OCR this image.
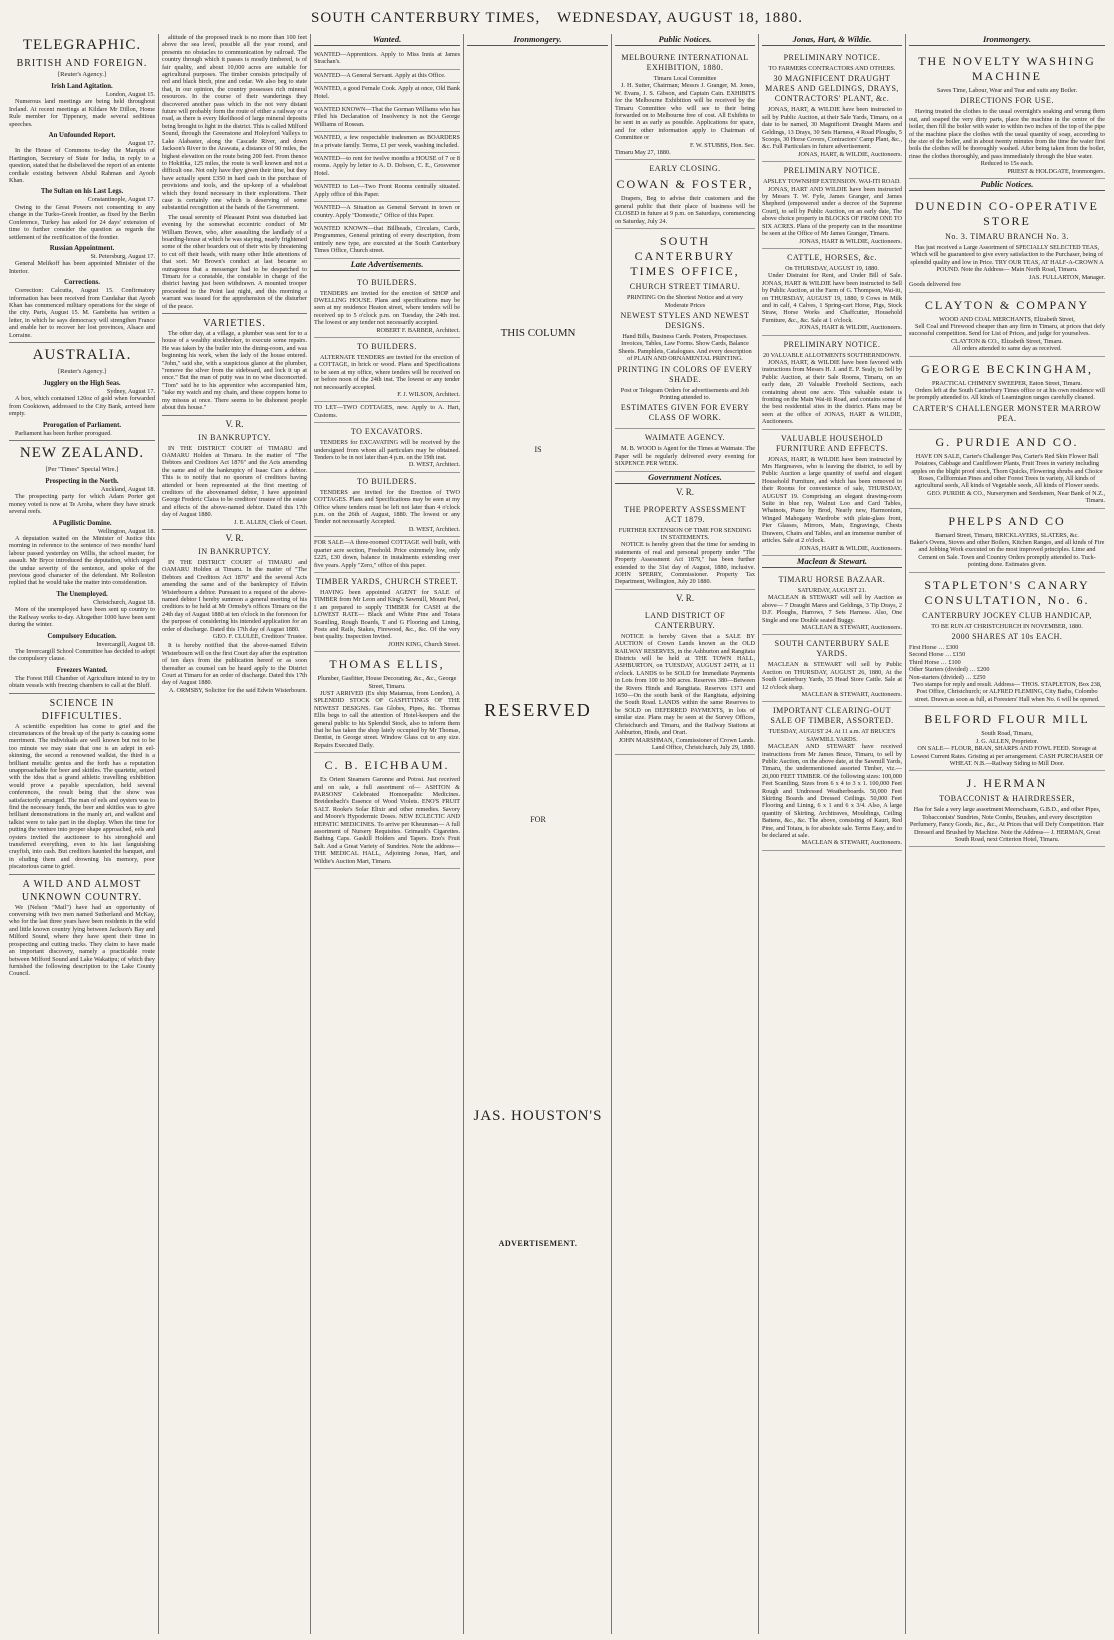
SOUTH CANTERBURY TIMES, WEDNESDAY, AUGUST 18, 1880.
TELEGRAPHIC.
BRITISH AND FOREIGN.
[Reuter's Agency.]
Irish Land Agitation.
London, August 15.
Numerous land meetings are being held throughout Ireland. At recent meetings at Kildare Mr Dillon, Home Rule member for Tipperary, made several seditious speeches.
An Unfounded Report.
August 17.
In the House of Commons to-day the Marquis of Hartington, Secretary of State for India, in reply to a question, stated that he disbelieved the report of an entente cordiale existing between Abdul Rahman and Ayoob Khan.
The Sultan on his Last Legs.
Constantinople, August 17.
Owing to the Great Powers not consenting to any change in the Turko-Greek frontier, as fixed by the Berlin Conference, Turkey has asked for 24 days' extension of time to further consider the question as regards the settlement of the rectification of the frontier.
Russian Appointment.
St. Petersburg, August 17.
General Melikoff has been appointed Minister of the Interior.
Corrections.
Correction: Calcutta, August 15. Confirmatory information has been received from Candahar that Ayoob Khan has commenced military operations for the siege of the city. Paris, August 15. M. Gambetta has written a letter, in which he says democracy will strengthen France and enable her to recover her lost provinces, Alsace and Lorraine.
AUSTRALIA.
[Reuter's Agency.]
Jugglery on the High Seas.
Sydney, August 17.
A box, which contained 120oz of gold when forwarded from Cooktown, addressed to the City Bank, arrived here empty.
Prorogation of Parliament.
Parliament has been further prorogued.
NEW ZEALAND.
[Per "Times" Special Wire.]
Prospecting in the North.
Auckland, August 18.
The prospecting party for which Adam Porter got money voted is now at Te Aroha, where they have struck several reefs.
A Pugilistic Domine.
Wellington, August 18.
A deputation waited on the Minister of Justice this morning in reference to the sentence of two months' hard labour passed yesterday on Willis, the school master, for assault. Mr Bryce introduced the deputation, which urged the undue severity of the sentence, and spoke of the previous good character of the defendant. Mr Rolleston replied that he would take the matter into consideration.
The Unemployed.
Christchurch, August 18.
More of the unemployed have been sent up country to the Railway works to-day. Altogether 1000 have been sent during the winter.
Compulsory Education.
Invercargill, August 18.
The Invercargill School Committee has decided to adopt the compulsory clause.
Freezers Wanted.
The Forest Hill Chamber of Agriculture intend to try to obtain vessels with freezing chambers to call at the Bluff.
SCIENCE IN DIFFICULTIES.
A scientific expedition has come to grief and the circumstances of the break up of the party is causing some merriment. The individuals are well known but not to be too minute we may state that one is an adept in eel-skinning, the second a renowned walkist, the third is a brilliant metallic genius and the forth has a reputation unapproachable for beer and skittles. The quartette, seized with the idea that a grand athletic travelling exhibition would prove a payable speculation, held several conferences, the result being that the show was satisfactorily arranged. The man of eels and oysters was to find the necessary funds, the beer and skittles was to give brilliant demonstrations in the manly art, and walkist and talkist were to take part in the display. When the time for putting the venture into proper shape approached, eels and oysters invited the auctioneer to his stronghold and transferred everything, even to his last languishing crayfish, into cash. But creditors haunted the banquet, and in eluding them and drowning his memory, poor piscatorious came to grief.
A WILD AND ALMOST UNKNOWN COUNTRY.
We (Nelson "Mail") have had an opportunity of conversing with two men named Sutherland and McKay, who for the last three years have been residents in the wild and little known country lying between Jackson's Bay and Milford Sound, where they have spent their time in prospecting and cutting tracks. They claim to have made an important discovery, namely a practicable route between Milford Sound and Lake Wakatipu; of which they furnished the following description to the Lake County Council.
altitude of the proposed track is no more than 100 feet above the sea level, possible all the year round, and presents no obstacles to communication by railroad. The country through which it passes is mostly timbered, is of fair quality, and about 10,000 acres are suitable for agricultural purposes. The timber consists principally of red and black birch, pine and cedar. We also beg to state that, in our opinion, the country possesses rich mineral resources. In the course of their wanderings they discovered another pass which in the not very distant future will probably form the route of either a railway or a road, as there is every likelihood of large mineral deposits being brought to light in the district. This is called Milford Sound, through the Greenstone and Holeyford Valleys to Lake Alabaster, along the Cascade River, and down Jackson's River to the Arawata, a distance of 90 miles, the highest elevation on the route being 200 feet. From thence to Hokitika, 125 miles, the route is well known and not a difficult one. Not only have they given their time, but they have actually spent £350 in hard cash in the purchase of provisions and tools, and the up-keep of a whaleboat which they found necessary in their explorations. Their case is certainly one which is deserving of some substantial recognition at the hands of the Government.
The usual serenity of Pleasant Point was disturbed last evening by the somewhat eccentric conduct of Mr William Brown, who, after assaulting the landlady of a boarding-house at which he was staying, nearly frightened some of the other boarders out of their wits by threatening to cut off their heads, with many other little attentions of that sort. Mr Brown's conduct at last became so outrageous that a messenger had to be despatched to Timaru for a constable, the constable in charge of the district having just been withdrawn. A mounted trooper proceeded to the Point last night, and this morning a warrant was issued for the apprehension of the disturber of the peace.
VARIETIES.
The other day, at a village, a plumber was sent for to a house of a wealthy stockbroker, to execute some repairs. He was taken by the butler into the dining-room, and was beginning his work, when the lady of the house entered. "John," said she, with a suspicious glance at the plumber, "remove the silver from the sideboard, and lock it up at once." But the man of putty was in no wise disconcerted. "Tom" said he to his apprentice who accompanied him, "take my watch and my chain, and these coppers home to my missus at once. There seems to be dishonest people about this house."
V. R.
IN BANKRUPTCY.
IN THE DISTRICT COURT of TIMARU and OAMARU Holden at Timaru. In the matter of "The Debtors and Creditors Act 1876" and the Acts amending the same and of the bankruptcy of Isaac Cars a debtor. This is to notify that no quorum of creditors having attended or been represented at the first meeting of creditors of the abovenamed debtor, I have appointed George Frederic Claiss to be creditors' trustee of the estate and effects of the above-named debtor. Dated this 17th day of August 1880.
J. E. ALLEN, Clerk of Court.
V. R.
IN BANKRUPTCY.
IN THE DISTRICT COURT of TIMARU and OAMARU Holden at Timaru. In the matter of "The Debtors and Creditors Act 1876" and the several Acts amending the same and of the bankruptcy of Edwin Wisterbourn a debtor. Pursuant to a request of the above-named debtor I hereby summon a general meeting of his creditors to be held at Mr Ormsby's offices Timaru on the 24th day of August 1880 at ten o'clock in the forenoon for the purpose of considering his intended application for an order of discharge. Dated this 17th day of August 1880.
GEO. F. CLULEE, Creditors' Trustee.
It is hereby notified that the above-named Edwin Wisterbourn will on the first Court day after the expiration of ten days from the publication hereof or as soon thereafter as counsel can be heard apply to the District Court at Timaru for an order of discharge. Dated this 17th day of August 1880.
A. ORMSBY, Solicitor for the said Edwin Wisterbourn.
Wanted.
WANTED—Apprentices. Apply to Miss Innis at James Strachan's.
WANTED—A General Servant. Apply at this Office.
WANTED, a good Female Cook. Apply at once, Old Bank Hotel.
WANTED KNOWN—That the Gorman Williams who has Filed his Declaration of Insolvency is not the George Williams of Rosean.
WANTED, a few respectable tradesmen as BOARDERS in a private family. Terms, £1 per week, washing included.
WANTED—to rent for twelve months a HOUSE of 7 or 8 rooms. Apply by letter to A. D. Dobson, C. E., Grosvenor Hotel.
WANTED to Let—Two Front Rooms centrally situated. Apply office of this Paper.
WANTED—A Situation as General Servant in town or country. Apply "Domestic," Office of this Paper.
WANTED KNOWN—that Billheads, Circulars, Cards, Programmes, General printing of every description, from entirely new type, are executed at the South Canterbury Times Office, Church street.
Late Advertisements.
TO BUILDERS.
TENDERS are invited for the erection of SHOP and DWELLING HOUSE. Plans and specifications may be seen at my residence Heaton street, where tenders will be received up to 5 o'clock p.m. on Tuesday, the 24th inst. The lowest or any tender not necessarily accepted.
ROBERT F. BARBER, Architect.
TO BUILDERS.
ALTERNATE TENDERS are invited for the erection of a COTTAGE, in brick or wood. Plans and Specifications to be seen at my office, where tenders will be received on or before noon of the 24th inst. The lowest or any tender not necessarily accepted.
F. J. WILSON, Architect.
TO LET—TWO COTTAGES, new. Apply to A. Hart, Customs.
TO EXCAVATORS.
TENDERS for EXCAVATING will be received by the undersigned from whom all particulars may be obtained. Tenders to be in not later than 4 p.m. on the 19th inst.
D. WEST, Architect.
TO BUILDERS.
TENDERS are invited for the Erection of TWO COTTAGES. Plans and Specifications may be seen at my Office where tenders must be left not later than 4 o'clock p.m. on the 26th of August, 1880. The lowest or any Tender not necessarily Accepted.
D. WEST, Architect.
FOR SALE—A three-roomed COTTAGE well built, with quarter acre section, Freehold. Price extremely low, only £225, £30 down, balance in instalments extending over five years. Apply "Zero," office of this paper.
TIMBER YARDS, CHURCH STREET.
HAVING been appointed AGENT for SALE of TIMBER from Mr Leon and King's Sawmill, Mount Peel, I am prepared to supply TIMBER for CASH at the LOWEST RATE— Black and White Pine and Totara Scantling, Rough Boards, T and G Flooring and Lining, Posts and Rails, Stakes, Firewood, &c., &c. Of the very best quality. Inspection Invited.
JOHN KING, Church Street.
THOMAS ELLIS,
Plumber, Gasfitter, House Decorating, &c., &c., George Street, Timaru.
JUST ARRIVED (Ex ship Matamua, from London), A SPLENDID STOCK OF GASFITTINGS OF THE NEWEST DESIGNS. Gas Globes, Pipes, &c. Thomas Ellis begs to call the attention of Hotel-keepers and the general public to his Splendid Stock, also to inform them that he has taken the shop lately occupied by Mr Thomas, Dentist, in George street. Window Glass cut to any size. Repairs Executed Daily.
C. B. EICHBAUM.
Ex Orient Steamers Garonne and Potosi. Just received and on sale, a full assortment of— ASHTON & PARSONS' Celebrated Homoepathic Medicines. Breidenbach's Essence of Wood Violets. ENO'S FRUIT SALT. Rooke's Solar Elixir and other remedies. Savory and Moore's Hypodermic Doses. NEW ECLECTIC AND HEPATIC MEDICINES. To arrive per Kheumnan— A full assortment of Nursery Requisites. Grimault's Cigarettes. Bathing Caps. Gaskill Holders and Tapers. Eno's Fruit Salt. And a Great Variety of Sundries. Note the address— THE MEDICAL HALL, Adjoining Jonas, Hart, and Wildie's Auction Mart, Timaru.
Ironmongery.
THIS COLUMN
IS
RESERVED
FOR
JAS. HOUSTON'S
ADVERTISEMENT.
Public Notices.
MELBOURNE INTERNATIONAL EXHIBITION, 1880.
Timaru Local Committee
J. H. Sutter, Chairman; Messrs J. Granger, M. Jones, W. Evans, J. S. Gibson, and Captain Cain. EXHIBITS for the Melbourne Exhibition will be received by the Timaru Committee who will see to their being forwarded on to Melbourne free of cost. All Exhibits to be sent in as early as possible. Applications for space, and for other information apply to Chairman of Committee or
F. W. STUBBS, Hon. Sec.
Timaru May 27, 1880.
EARLY CLOSING.
COWAN & FOSTER,
Drapers, Beg to advise their customers and the general public that their place of business will be CLOSED in future at 9 p.m. on Saturdays, commencing on Saturday, July 24.
SOUTH CANTERBURY TIMES OFFICE,
CHURCH STREET TIMARU.
PRINTING On the Shortest Notice and at very Moderate Prices
NEWEST STYLES AND NEWEST DESIGNS.
Hand Bills, Business Cards. Posters, Prospectuses. Invoices, Tables, Law Forms. Show Cards, Balance Sheets. Pamphlets, Catalogues. And every description of PLAIN AND ORNAMENTAL PRINTING.
PRINTING IN COLORS OF EVERY SHADE.
Post or Telegram Orders for advertisements and Job Printing attended to.
ESTIMATES GIVEN FOR EVERY CLASS OF WORK.
WAIMATE AGENCY.
M. B. WOOD is Agent for the Times at Waimate. The Paper will be regularly delivered every evening for SIXPENCE PER WEEK.
Government Notices.
V. R.
THE PROPERTY ASSESSMENT ACT 1879.
FURTHER EXTENSION OF TIME FOR SENDING IN STATEMENTS.
NOTICE is hereby given that the time for sending in statements of real and personal property under "The Property Assessment Act 1879," has been further extended to the 31st day of August, 1880, inclusive. JOHN SPERRY, Commissioner. Property Tax Department, Wellington, July 20 1880.
V. R.
LAND DISTRICT OF CANTERBURY.
NOTICE is hereby Given that a SALE BY AUCTION of Crown Lands known as the OLD RAILWAY RESERVES, in the Ashburton and Rangitata Districts will be held at THE TOWN HALL, ASHBURTON, on TUESDAY, AUGUST 24TH, at 11 o'clock. LANDS to be SOLD for Immediate Payments in Lots from 100 to 300 acres. Reserves 380—Between the Rivers Hinds and Rangitata. Reserves 1371 and 1650—On the south bank of the Rangitata, adjoining the South Road. LANDS within the same Reserves to be SOLD on DEFERRED PAYMENTS, in lots of similar size. Plans may be seen at the Survey Offices, Christchurch and Timaru, and the Railway Stations at Ashburton, Hinds, and Orari.
JOHN MARSHMAN, Commissioner of Crown Lands. Land Office, Christchurch, July 29, 1880.
Jonas, Hart, & Wildie.
PRELIMINARY NOTICE.
TO FARMERS CONTRACTORS AND OTHERS.
30 MAGNIFICENT DRAUGHT MARES AND GELDINGS, DRAYS, CONTRACTORS' PLANT, &c.
JONAS, HART, & WILDIE have been instructed to sell by Public Auction, at their Sale Yards, Timaru, on a date to be named, 30 Magnificent Draught Mares and Geldings, 13 Drays, 30 Sets Harness, 4 Road Ploughs, 5 Scoops, 30 Horse Covers, Contractors' Camp Plant, &c., &c. Full Particulars in future advertisement.
JONAS, HART, & WILDIE, Auctioneers.
PRELIMINARY NOTICE.
APSLEY TOWNSHIP EXTENSION. WAI-ITI ROAD.
JONAS, HART AND WILDIE have been instructed by Messrs T. W. Fyfe, James Granger, and James Shepherd (empowered under a decree of the Supreme Court), to sell by Public Auction, on an early date, The above choice property in BLOCKS OF FROM ONE TO SIX ACRES. Plans of the property can in the meantime be seen at the Office of Mr James Granger, Timaru.
JONAS, HART & WILDIE, Auctioneers.
CATTLE, HORSES, &c.
On THURSDAY, AUGUST 19, 1880.
Under Distraint for Rent, and Under Bill of Sale. JONAS, HART & WILDIE have been instructed to Sell by Public Auction, at the Farm of G. Thompson, Wai-iti, on THURSDAY, AUGUST 19, 1880, 9 Cows in Milk and in calf, 4 Calves, 1 Spring-cart Horse, Pigs, Stock Straw, Horse Works and Chaffcutter, Household Furniture, &c., &c. Sale at 1 o'clock.
JONAS, HART & WILDIE, Auctioneers.
PRELIMINARY NOTICE.
20 VALUABLE ALLOTMENTS SOUTHERNDOWN.
JONAS, HART, & WILDIE have been favored with instructions from Messrs H. J. and E. P. Sealy, to Sell by Public Auction, at their Sale Rooms, Timaru, on an early date, 20 Valuable Freehold Sections, each containing about one acre. This valuable estate is fronting on the Main Wai-iti Road, and contains some of the best residential sites in the district. Plans may be seen at the office of JONAS, HART & WILDIE, Auctioneers.
VALUABLE HOUSEHOLD FURNITURE AND EFFECTS.
JONAS, HART, & WILDIE have been instructed by Mrs Hargreaves, who is leaving the district, to sell by Public Auction a large quantity of useful and elegant Household Furniture, and which has been removed to their Rooms for convenience of sale, THURSDAY, AUGUST 19. Comprising an elegant drawing-room Suite in blue rep, Walnut Loo and Card Tables, Whatnots, Piano by Brod, Nearly new, Harmonium, Winged Mahogany Wardrobe with plate-glass front, Pier Glasses, Mirrors, Mats, Engravings, Chests Drawers, Chairs and Tables, and an immense number of articles. Sale at 2 o'clock.
JONAS, HART & WILDIE, Auctioneers.
Maclean & Stewart.
TIMARU HORSE BAZAAR.
SATURDAY, AUGUST 21.
MACLEAN & STEWART will sell by Auction as above— 7 Draught Mares and Geldings, 3 Tip Drays, 2 D.F. Ploughs, Harrows, 7 Sets Harness. Also, One Single and one Double seated Buggy.
MACLEAN & STEWART, Auctioneers.
SOUTH CANTERBURY SALE YARDS.
MACLEAN & STEWART will sell by Public Auction on THURSDAY, AUGUST 26, 1880, At the South Canterbury Yards, 35 Head Store Cattle. Sale at 12 o'clock sharp.
MACLEAN & STEWART, Auctioneers.
IMPORTANT CLEARING-OUT SALE OF TIMBER, ASSORTED.
TUESDAY, AUGUST 24. At 11 a.m. AT BRUCE'S SAWMILL YARDS.
MACLEAN AND STEWART have received instructions from Mr James Bruce, Timaru, to sell by Public Auction, on the above date, at the Sawmill Yards, Timaru, the undermentioned assorted Timber, viz.— 20,000 FEET TIMBER. Of the following sizes: 100,000 Feet Scantling, Sizes from 6 x 4 to 3 x 1. 100,000 Feet Rough and Undressed Weatherboards. 50,000 Feet Skirting Boards and Dressed Ceilings. 50,000 Feet Flooring and Lining, 6 x 1 and 6 x 3/4. Also, A large quantity of Skirting, Architraves, Mouldings, Ceiling Battens, &c., &c. The above, consisting of Kauri, Red Pine, and Totara, is for absolute sale. Terms Easy, and to be declared at sale.
MACLEAN & STEWART, Auctioneers.
Ironmongery.
THE NOVELTY WASHING MACHINE
Saves Time, Labour, Wear and Tear and suits any Boiler.
DIRECTIONS FOR USE.
Having treated the clothes to the usual overnight's soaking and wrung them out, and soaped the very dirty parts, place the machine in the centre of the boiler, then fill the boiler with water to within two inches of the top of the pipe of the machine place the clothes with the usual quantity of soap, according to the size of the boiler, and in about twenty minutes from the time the water first boils the clothes will be thoroughly washed. After being taken from the boiler, rinse the clothes thoroughly, and pass immediately through the blue water.
Reduced to 15s each.
PRIEST & HOLDGATE, Ironmongers.
Public Notices.
DUNEDIN CO-OPERATIVE STORE
No. 3. TIMARU BRANCH No. 3.
Has just received a Large Assortment of SPECIALLY SELECTED TEAS, Which will be guaranteed to give every satisfaction to the Purchaser, being of splendid quality and low in Price. TRY OUR TEAS, AT HALF-A-CROWN A POUND. Note the Address— Main North Road, Timaru.
JAS. FULLARTON, Manager.
Goods delivered free
CLAYTON & COMPANY
WOOD AND COAL MERCHANTS, Elizabeth Street,
Sell Coal and Firewood cheaper than any firm in Timaru, at prices that defy successful competition. Send for List of Prices, and judge for yourselves.
CLAYTON & CO., Elizabeth Street, Timaru.
All orders attended to same day as received.
GEORGE BECKINGHAM,
PRACTICAL CHIMNEY SWEEPER, Eaton Street, Timaru.
Orders left at the South Canterbury Times office or at his own residence will be promptly attended to. All kinds of Leamington ranges carefully cleaned.
CARTER'S CHALLENGER MONSTER MARROW PEA.
G. PURDIE AND CO.
HAVE ON SALE, Carter's Challenger Pea, Carter's Red Skin Flower Ball Potatoes, Cabbage and Cauliflower Plants, Fruit Trees in variety including apples on the blight proof stock, Thorn Quicks, Flowering shrubs and Choice Roses, Cellformian Pines and other Forest Trees in variety, All kinds of agricultural seeds, All kinds of Vegetable seeds, All kinds of Flower seeds.
GEO. PURDIE & CO., Nurserymen and Seedsmen, Near Bank of N.Z., Timaru.
PHELPS AND CO
Barnard Street, Timaru, BRICKLAYERS, SLATERS, &c.
Baker's Ovens, Stoves and other Boilers, Kitchen Ranges, and all kinds of Fire and Jobbing Work executed on the most improved principles. Lime and Cement on Sale. Town and Country Orders promptly attended to. Tuck-pointing done. Estimates given.
STAPLETON'S CANARY CONSULTATION, No. 6.
CANTERBURY JOCKEY CLUB HANDICAP,
TO BE RUN AT CHRISTCHURCH IN NOVEMBER, 1880.
2000 SHARES AT 10s EACH.
First Horse … £300
Second Horse … £150
Third Horse … £100
Other Starters (divided) … £200
Non-starters (divided) … £250
Two stamps for reply and result. Address— THOS. STAPLETON, Box 238, Post Office, Christchurch; or ALFRED FLEMING, City Baths, Colombo street. Drawn as soon as full, at Foresters' Hall when No. 6 will be opened.
BELFORD FLOUR MILL
South Road, Timaru,
J. G. ALLEN, Proprietor.
ON SALE— FLOUR, BRAN, SHARPS AND FOWL FEED. Storage at Lowest Current Rates. Gristing at per arrangement. CASH PURCHASER OF WHEAT. N.B.—Railway Siding to Mill Door.
J. HERMAN
TOBACCONIST & HAIRDRESSER,
Has for Sale a very large assortment Meerschaum, G.B.D., and other Pipes, Tobacconists' Sundries, Note Combs, Brushes, and every description Perfumery, Fancy Goods, &c., &c., At Prices that will Defy Competition. Hair Dressed and Brushed by Machine. Note the Address— J. HERMAN, Great South Road, next Criterion Hotel, Timaru.
